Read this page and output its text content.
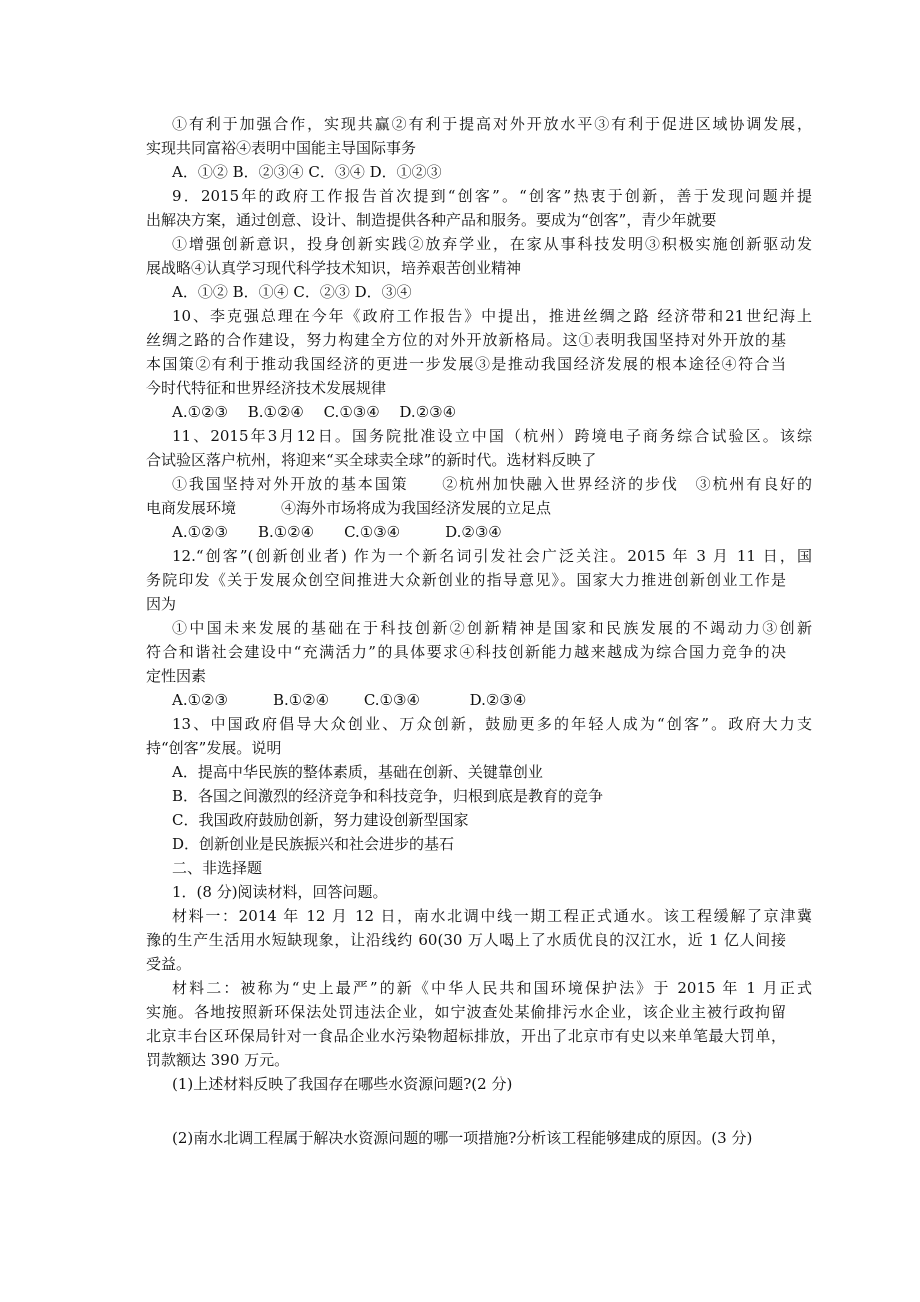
①有利于加强合作，实现共赢②有利于提高对外开放水平③有利于促进区域协调发展，
实现共同富裕④表明中国能主导国际事务
A．①② B．②③④ C．③④ D．①②③
9．2015年的政府工作报告首次提到“创客”。“创客”热衷于创新，善于发现问题并提
出解决方案，通过创意、设计、制造提供各种产品和服务。要成为“创客”，青少年就要
①增强创新意识，投身创新实践②放弃学业，在家从事科技发明③积极实施创新驱动发
展战略④认真学习现代科学技术知识，培养艰苦创业精神
A．①② B．①④ C．②③ D．③④
10、李克强总理在今年《政府工作报告》中提出，推进丝绸之路 经济带和21世纪海上
丝绸之路的合作建设，努力构建全方位的对外开放新格局。这①表明我国坚持对外开放的基
本国策②有利于推动我国经济的更进一步发展③是推动我国经济发展的根本途径④符合当
今时代特征和世界经济技术发展规律
A.①②③　 B.①②④　 C.①③④　 D.②③④
11、2015年3月12日。国务院批准设立中国（杭州）跨境电子商务综合试验区。该综
合试验区落户杭州，将迎来“买全球卖全球”的新时代。选材料反映了
①我国坚持对外开放的基本国策　　②杭州加快融入世界经济的步伐　③杭州有良好的
电商发展环境　　　④海外市场将成为我国经济发展的立足点
A.①②③　　B.①②④　　C.①③④　　　D.②③④
12.“创客”(创新创业者) 作为一个新名词引发社会广泛关注。2015 年 3 月 11 日，国
务院印发《关于发展众创空间推进大众新创业的指导意见》。国家大力推进创新创业工作是
因为
①中国未来发展的基础在于科技创新②创新精神是国家和民族发展的不竭动力③创新
符合和谐社会建设中“充满活力”的具体要求④科技创新能力越来越成为综合国力竞争的决
定性因素
A.①②③　　　B.①②④　　 C.①③④　　　 D.②③④
13、中国政府倡导大众创业、万众创新，鼓励更多的年轻人成为“创客”。政府大力支
持“创客”发展。说明
A．提高中华民族的整体素质，基础在创新、关键靠创业
B．各国之间激烈的经济竞争和科技竞争，归根到底是教育的竞争
C．我国政府鼓励创新，努力建设创新型国家
D．创新创业是民族振兴和社会进步的基石
二、非选择题
1．(8 分)阅读材料，回答问题。
材料一：2014 年 12 月 12 日，南水北调中线一期工程正式通水。该工程缓解了京津冀
豫的生产生活用水短缺现象，让沿线约 60(30 万人喝上了水质优良的汉江水，近 1 亿人间接
受益。
材料二：被称为“史上最严”的新《中华人民共和国环境保护法》于 2015 年 1 月正式
实施。各地按照新环保法处罚违法企业，如宁波查处某偷排污水企业，该企业主被行政拘留
北京丰台区环保局针对一食品企业水污染物超标排放，开出了北京市有史以来单笔最大罚单，
罚款额达 390 万元。
(1)上述材料反映了我国存在哪些水资源问题?(2 分)
(2)南水北调工程属于解决水资源问题的哪一项措施?分析该工程能够建成的原因。(3 分)
